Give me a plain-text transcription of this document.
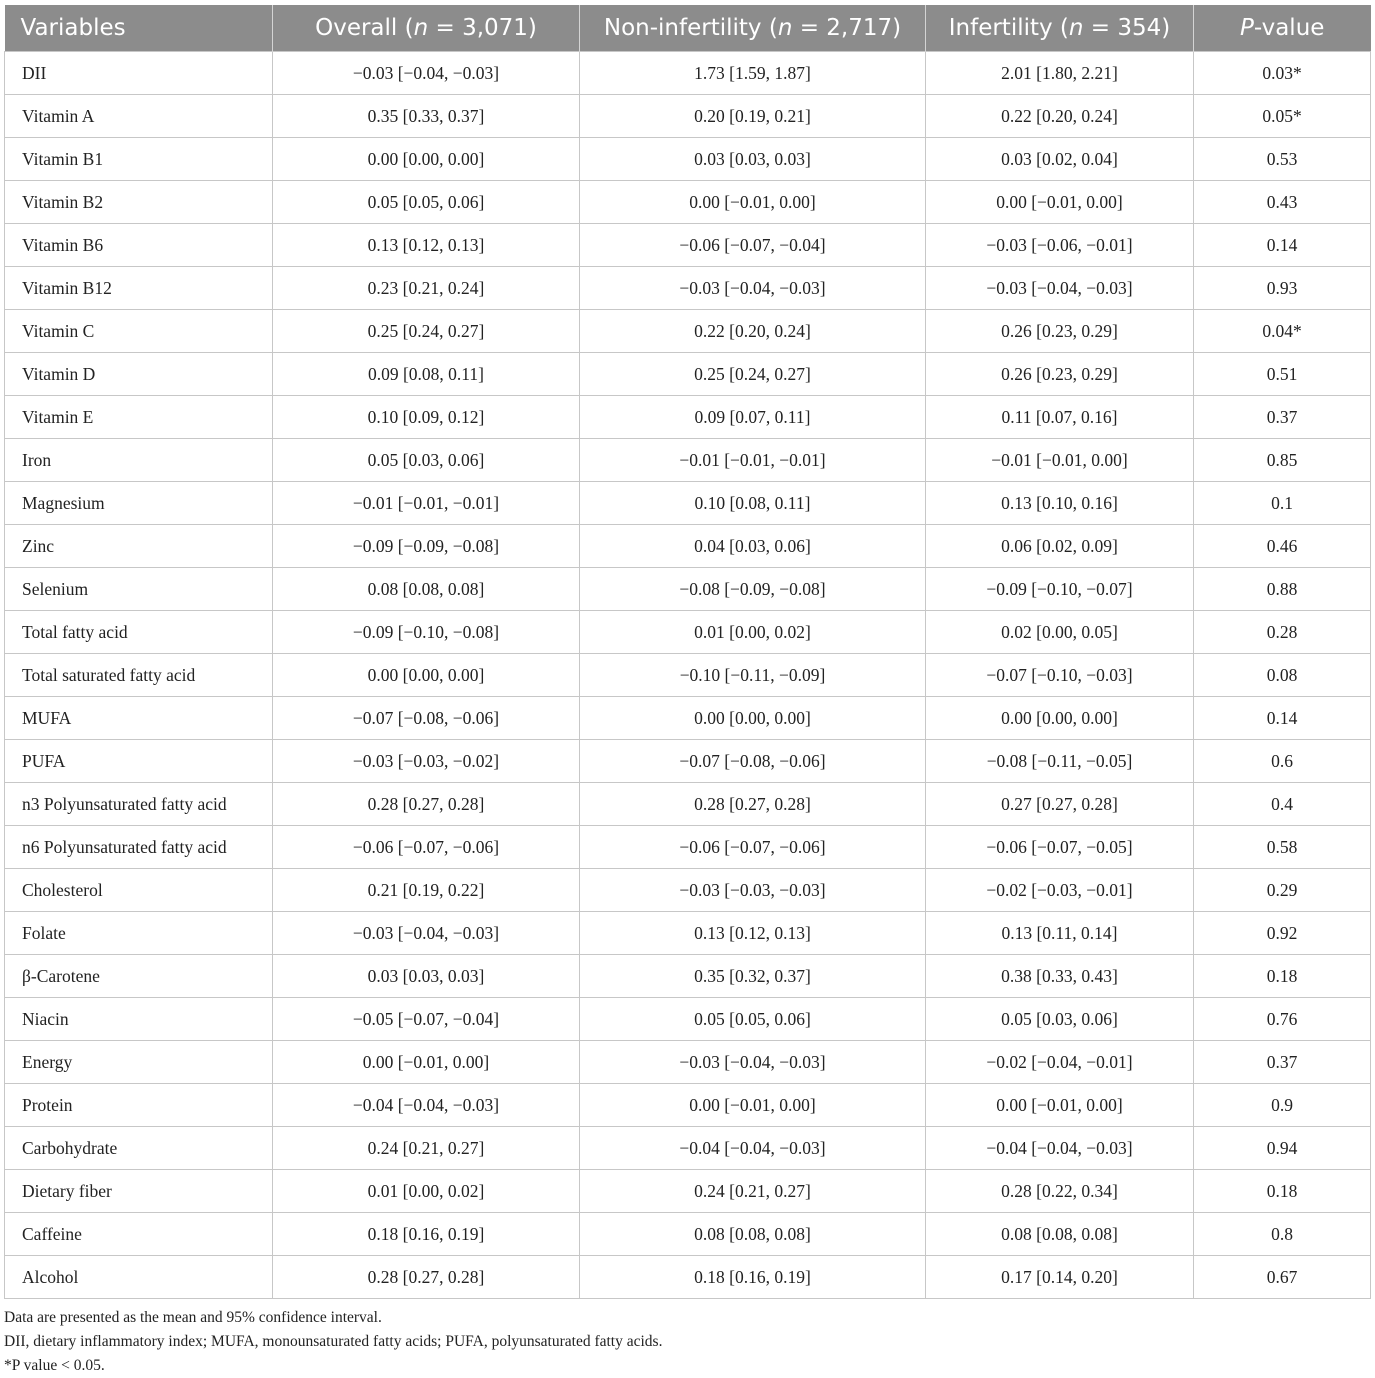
Variables	Overall (n = 3,071)	Non-infertility (n = 2,717)	Infertility (n = 354)	P-value
DII	−0.03 [−0.04, −0.03]	1.73 [1.59, 1.87]	2.01 [1.80, 2.21]	0.03*
Vitamin A	0.35 [0.33, 0.37]	0.20 [0.19, 0.21]	0.22 [0.20, 0.24]	0.05*
Vitamin B1	0.00 [0.00, 0.00]	0.03 [0.03, 0.03]	0.03 [0.02, 0.04]	0.53
Vitamin B2	0.05 [0.05, 0.06]	0.00 [−0.01, 0.00]	0.00 [−0.01, 0.00]	0.43
Vitamin B6	0.13 [0.12, 0.13]	−0.06 [−0.07, −0.04]	−0.03 [−0.06, −0.01]	0.14
Vitamin B12	0.23 [0.21, 0.24]	−0.03 [−0.04, −0.03]	−0.03 [−0.04, −0.03]	0.93
Vitamin C	0.25 [0.24, 0.27]	0.22 [0.20, 0.24]	0.26 [0.23, 0.29]	0.04*
Vitamin D	0.09 [0.08, 0.11]	0.25 [0.24, 0.27]	0.26 [0.23, 0.29]	0.51
Vitamin E	0.10 [0.09, 0.12]	0.09 [0.07, 0.11]	0.11 [0.07, 0.16]	0.37
Iron	0.05 [0.03, 0.06]	−0.01 [−0.01, −0.01]	−0.01 [−0.01, 0.00]	0.85
Magnesium	−0.01 [−0.01, −0.01]	0.10 [0.08, 0.11]	0.13 [0.10, 0.16]	0.1
Zinc	−0.09 [−0.09, −0.08]	0.04 [0.03, 0.06]	0.06 [0.02, 0.09]	0.46
Selenium	0.08 [0.08, 0.08]	−0.08 [−0.09, −0.08]	−0.09 [−0.10, −0.07]	0.88
Total fatty acid	−0.09 [−0.10, −0.08]	0.01 [0.00, 0.02]	0.02 [0.00, 0.05]	0.28
Total saturated fatty acid	0.00 [0.00, 0.00]	−0.10 [−0.11, −0.09]	−0.07 [−0.10, −0.03]	0.08
MUFA	−0.07 [−0.08, −0.06]	0.00 [0.00, 0.00]	0.00 [0.00, 0.00]	0.14
PUFA	−0.03 [−0.03, −0.02]	−0.07 [−0.08, −0.06]	−0.08 [−0.11, −0.05]	0.6
n3 Polyunsaturated fatty acid	0.28 [0.27, 0.28]	0.28 [0.27, 0.28]	0.27 [0.27, 0.28]	0.4
n6 Polyunsaturated fatty acid	−0.06 [−0.07, −0.06]	−0.06 [−0.07, −0.06]	−0.06 [−0.07, −0.05]	0.58
Cholesterol	0.21 [0.19, 0.22]	−0.03 [−0.03, −0.03]	−0.02 [−0.03, −0.01]	0.29
Folate	−0.03 [−0.04, −0.03]	0.13 [0.12, 0.13]	0.13 [0.11, 0.14]	0.92
β-Carotene	0.03 [0.03, 0.03]	0.35 [0.32, 0.37]	0.38 [0.33, 0.43]	0.18
Niacin	−0.05 [−0.07, −0.04]	0.05 [0.05, 0.06]	0.05 [0.03, 0.06]	0.76
Energy	0.00 [−0.01, 0.00]	−0.03 [−0.04, −0.03]	−0.02 [−0.04, −0.01]	0.37
Protein	−0.04 [−0.04, −0.03]	0.00 [−0.01, 0.00]	0.00 [−0.01, 0.00]	0.9
Carbohydrate	0.24 [0.21, 0.27]	−0.04 [−0.04, −0.03]	−0.04 [−0.04, −0.03]	0.94
Dietary fiber	0.01 [0.00, 0.02]	0.24 [0.21, 0.27]	0.28 [0.22, 0.34]	0.18
Caffeine	0.18 [0.16, 0.19]	0.08 [0.08, 0.08]	0.08 [0.08, 0.08]	0.8
Alcohol	0.28 [0.27, 0.28]	0.18 [0.16, 0.19]	0.17 [0.14, 0.20]	0.67
Data are presented as the mean and 95% confidence interval.
DII, dietary inflammatory index; MUFA, monounsaturated fatty acids; PUFA, polyunsaturated fatty acids.
*P value < 0.05.
